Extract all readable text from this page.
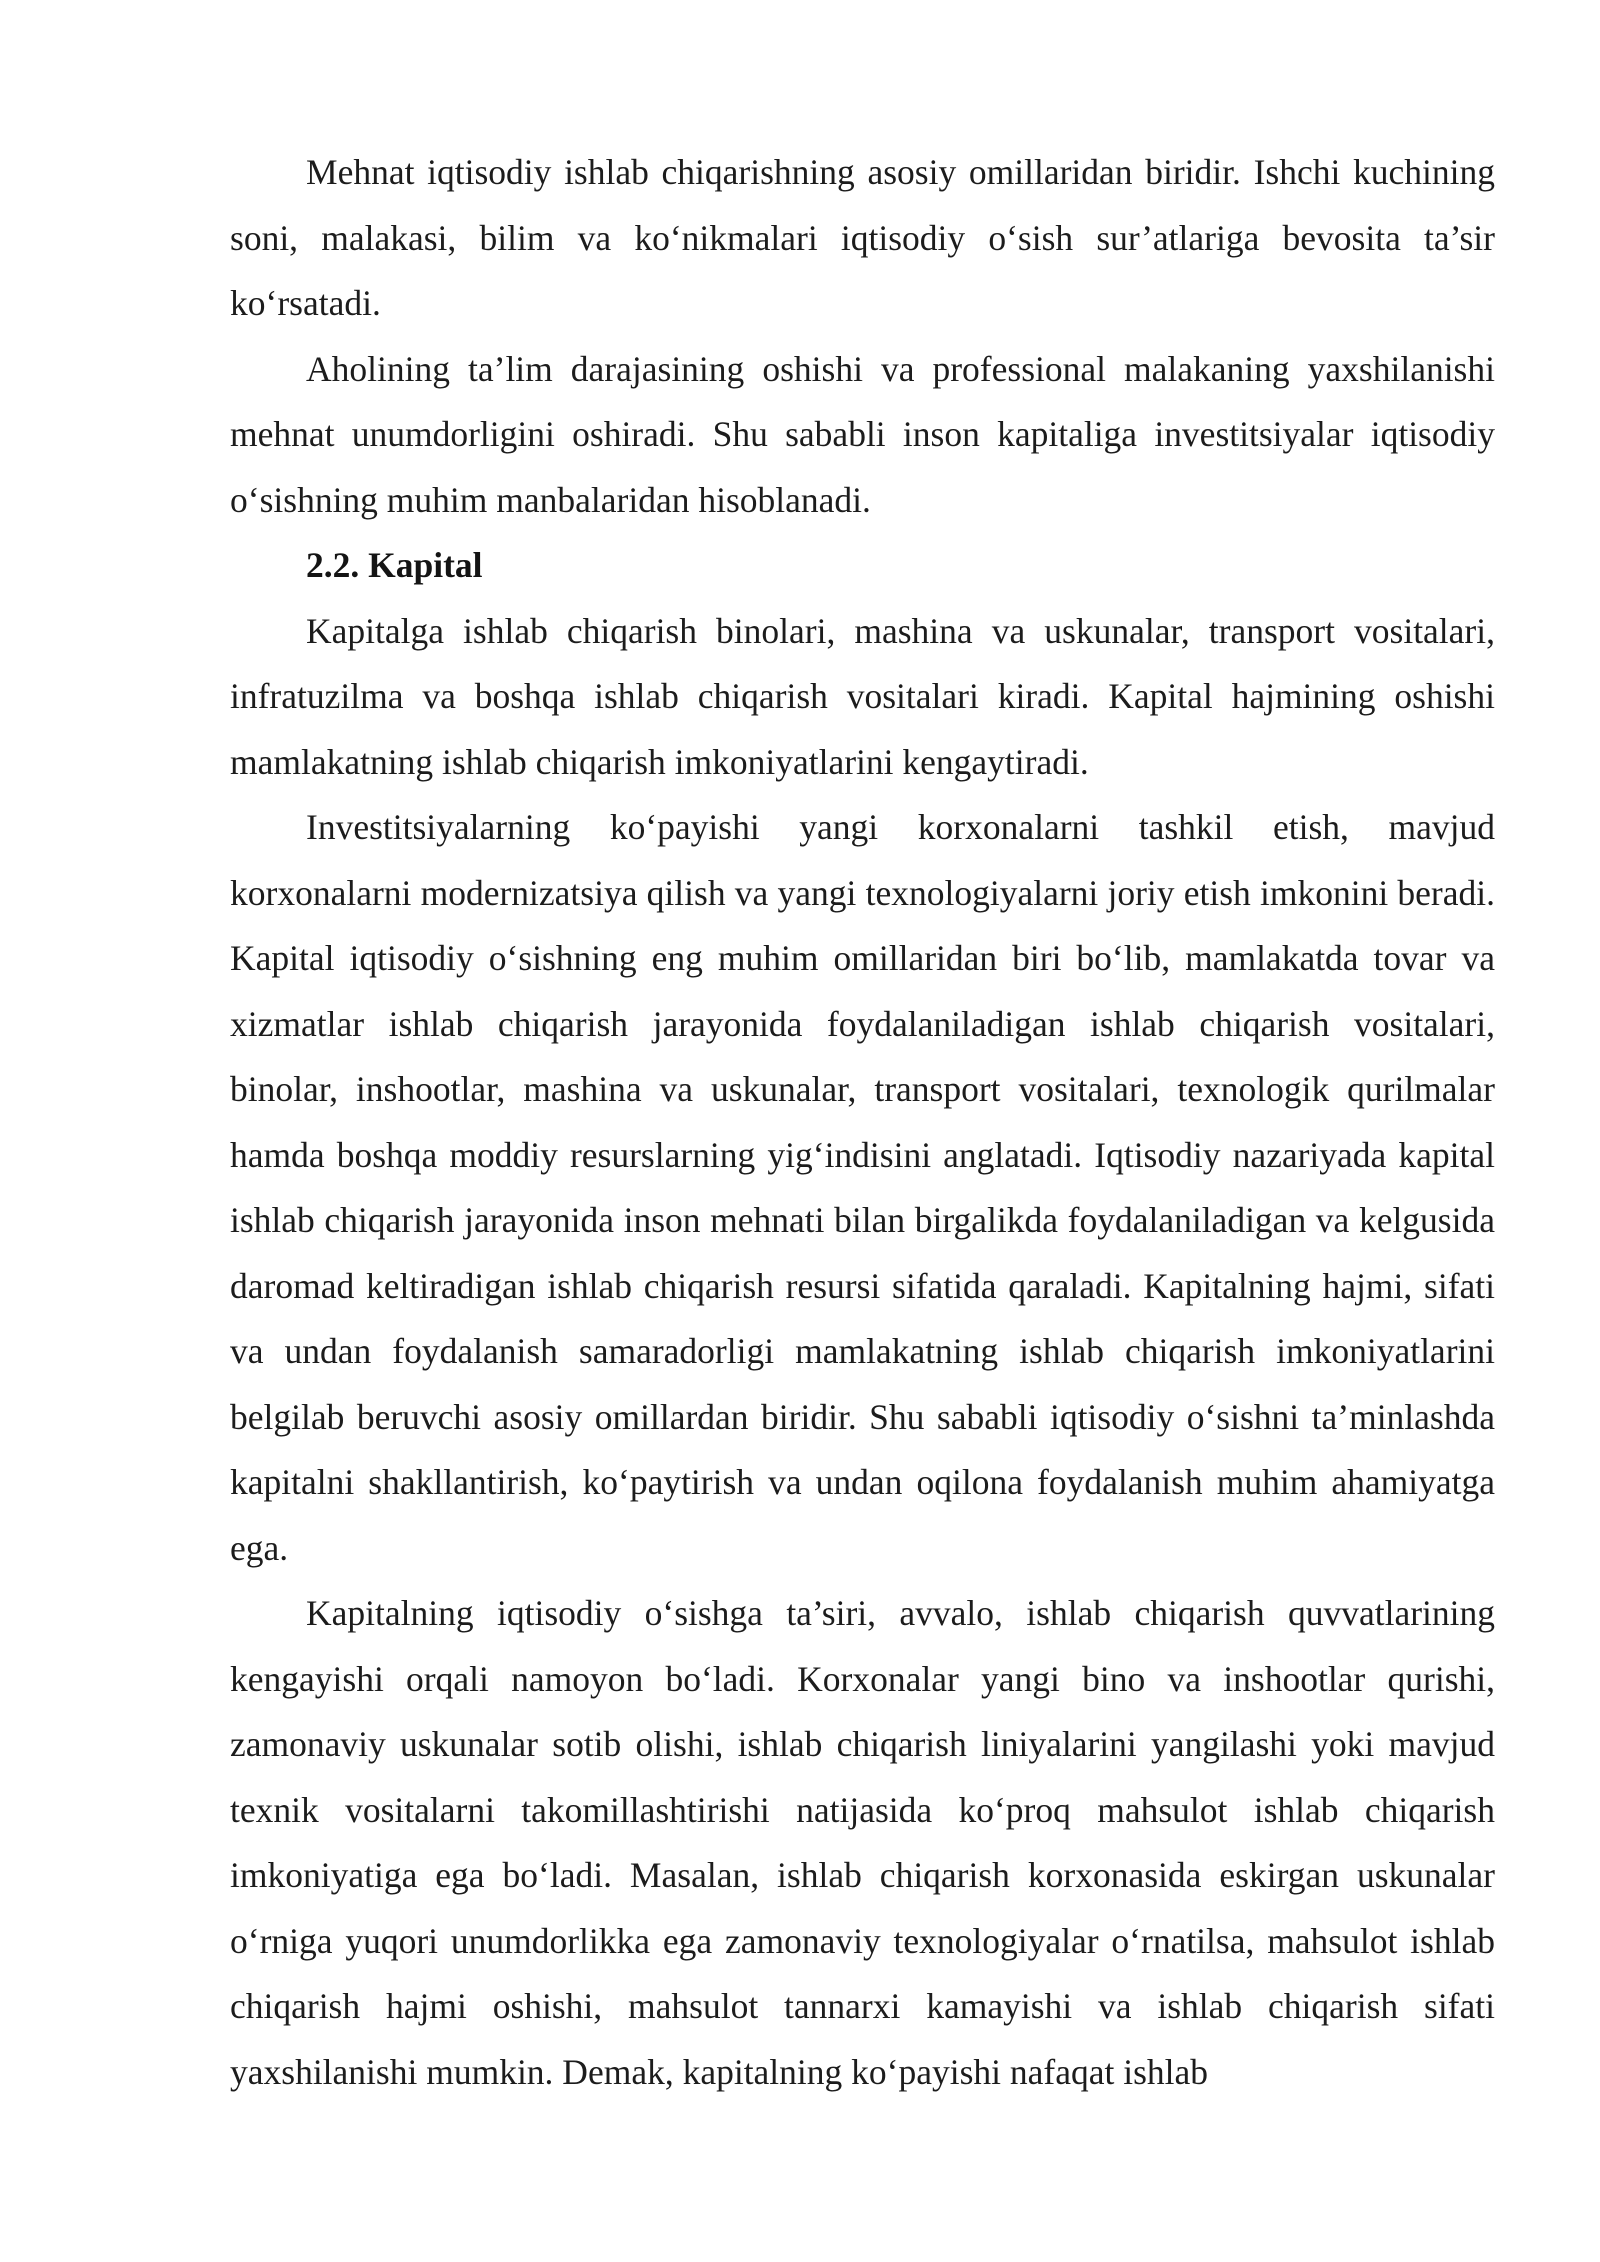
Mehnat iqtisodiy ishlab chiqarishning asosiy omillaridan biridir. Ishchi kuchining soni, malakasi, bilim va ko‘nikmalari iqtisodiy o‘sish sur’atlariga bevosita ta’sir ko‘rsatadi.

Aholining ta’lim darajasining oshishi va professional malakaning yaxshilanishi mehnat unumdorligini oshiradi. Shu sababli inson kapitaliga investitsiyalar iqtisodiy o‘sishning muhim manbalaridan hisoblanadi.

2.2. Kapital

Kapitalga ishlab chiqarish binolari, mashina va uskunalar, transport vositalari, infratuzilma va boshqa ishlab chiqarish vositalari kiradi. Kapital hajmining oshishi mamlakatning ishlab chiqarish imkoniyatlarini kengaytiradi.

Investitsiyalarning ko‘payishi yangi korxonalarni tashkil etish, mavjud korxonalarni modernizatsiya qilish va yangi texnologiyalarni joriy etish imkonini beradi. Kapital iqtisodiy o‘sishning eng muhim omillaridan biri bo‘lib, mamlakatda tovar va xizmatlar ishlab chiqarish jarayonida foydalaniladigan ishlab chiqarish vositalari, binolar, inshootlar, mashina va uskunalar, transport vositalari, texnologik qurilmalar hamda boshqa moddiy resurslarning yig‘indisini anglatadi. Iqtisodiy nazariyada kapital ishlab chiqarish jarayonida inson mehnati bilan birgalikda foydalaniladigan va kelgusida daromad keltiradigan ishlab chiqarish resursi sifatida qaraladi. Kapitalning hajmi, sifati va undan foydalanish samaradorligi mamlakatning ishlab chiqarish imkoniyatlarini belgilab beruvchi asosiy omillardan biridir. Shu sababli iqtisodiy o‘sishni ta’minlashda kapitalni shakllantirish, ko‘paytirish va undan oqilona foydalanish muhim ahamiyatga ega.

Kapitalning iqtisodiy o‘sishga ta’siri, avvalo, ishlab chiqarish quvvatlarining kengayishi orqali namoyon bo‘ladi. Korxonalar yangi bino va inshootlar qurishi, zamonaviy uskunalar sotib olishi, ishlab chiqarish liniyalarini yangilashi yoki mavjud texnik vositalarni takomillashtirishi natijasida ko‘proq mahsulot ishlab chiqarish imkoniyatiga ega bo‘ladi. Masalan, ishlab chiqarish korxonasida eskirgan uskunalar o‘rniga yuqori unumdorlikka ega zamonaviy texnologiyalar o‘rnatilsa, mahsulot ishlab chiqarish hajmi oshishi, mahsulot tannarxi kamayishi va ishlab chiqarish sifati yaxshilanishi mumkin. Demak, kapitalning ko‘payishi nafaqat ishlab
